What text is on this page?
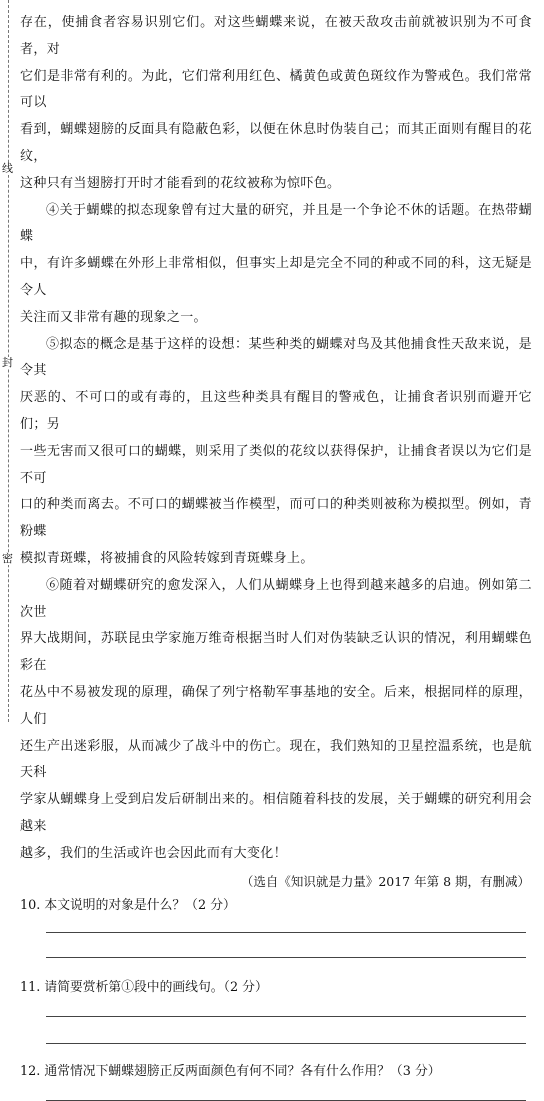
线
封
密

存在，使捕食者容易识别它们。对这些蝴蝶来说，在被天敌攻击前就被识别为不可食者，对

它们是非常有利的。为此，它们常利用红色、橘黄色或黄色斑纹作为警戒色。我们常常可以

看到，蝴蝶翅膀的反面具有隐蔽色彩，以便在休息时伪装自己；而其正面则有醒目的花纹，

这种只有当翅膀打开时才能看到的花纹被称为惊吓色。

④关于蝴蝶的拟态现象曾有过大量的研究，并且是一个争论不休的话题。在热带蝴蝶

中，有许多蝴蝶在外形上非常相似，但事实上却是完全不同的种或不同的科，这无疑是令人

关注而又非常有趣的现象之一。

⑤拟态的概念是基于这样的设想：某些种类的蝴蝶对鸟及其他捕食性天敌来说，是令其

厌恶的、不可口的或有毒的，且这些种类具有醒目的警戒色，让捕食者识别而避开它们；另

一些无害而又很可口的蝴蝶，则采用了类似的花纹以获得保护，让捕食者误以为它们是不可

口的种类而离去。不可口的蝴蝶被当作模型，而可口的种类则被称为模拟型。例如，青粉蝶

模拟青斑蝶，将被捕食的风险转嫁到青斑蝶身上。

⑥随着对蝴蝶研究的愈发深入，人们从蝴蝶身上也得到越来越多的启迪。例如第二次世

界大战期间，苏联昆虫学家施万维奇根据当时人们对伪装缺乏认识的情况，利用蝴蝶色彩在

花丛中不易被发现的原理，确保了列宁格勒军事基地的安全。后来，根据同样的原理，人们

还生产出迷彩服，从而减少了战斗中的伤亡。现在，我们熟知的卫星控温系统，也是航天科

学家从蝴蝶身上受到启发后研制出来的。相信随着科技的发展，关于蝴蝶的研究利用会越来

越多，我们的生活或许也会因此而有大变化！

（选自《知识就是力量》2017 年第 8 期，有删减）

10. 本文说明的对象是什么？（2 分）

11. 请简要赏析第①段中的画线句。（2 分）

12. 通常情况下蝴蝶翅膀正反两面颜色有何不同？各有什么作用？（3 分）
